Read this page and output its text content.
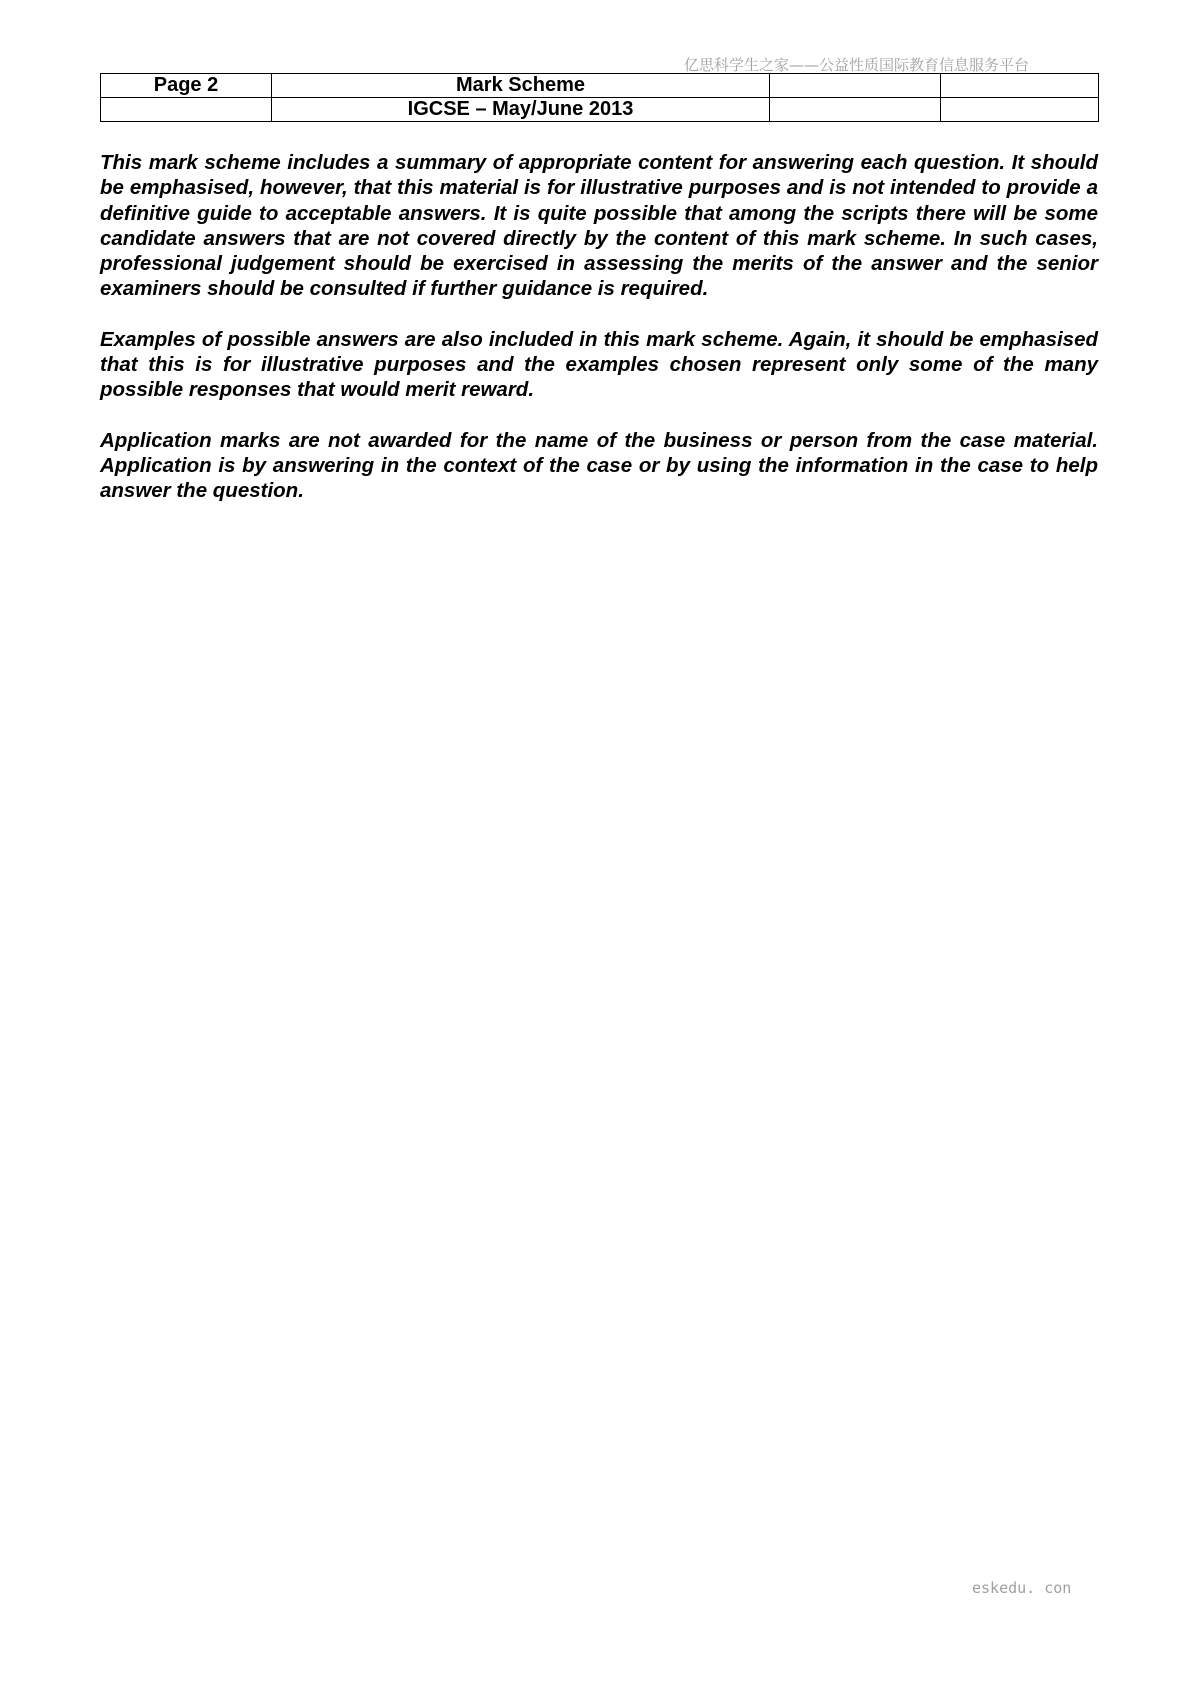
亿思科学生之家——公益性质国际教育信息服务平台
Page 2	Mark Scheme		
	IGCSE – May/June 2013		

This mark scheme includes a summary of appropriate content for answering each question. It should be emphasised, however, that this material is for illustrative purposes and is not intended to provide a definitive guide to acceptable answers. It is quite possible that among the scripts there will be some candidate answers that are not covered directly by the content of this mark scheme. In such cases, professional judgement should be exercised in assessing the merits of the answer and the senior examiners should be consulted if further guidance is required.

Examples of possible answers are also included in this mark scheme. Again, it should be emphasised that this is for illustrative purposes and the examples chosen represent only some of the many possible responses that would merit reward.

Application marks are not awarded for the name of the business or person from the case material. Application is by answering in the context of the case or by using the information in the case to help answer the question.

eskedu. con
